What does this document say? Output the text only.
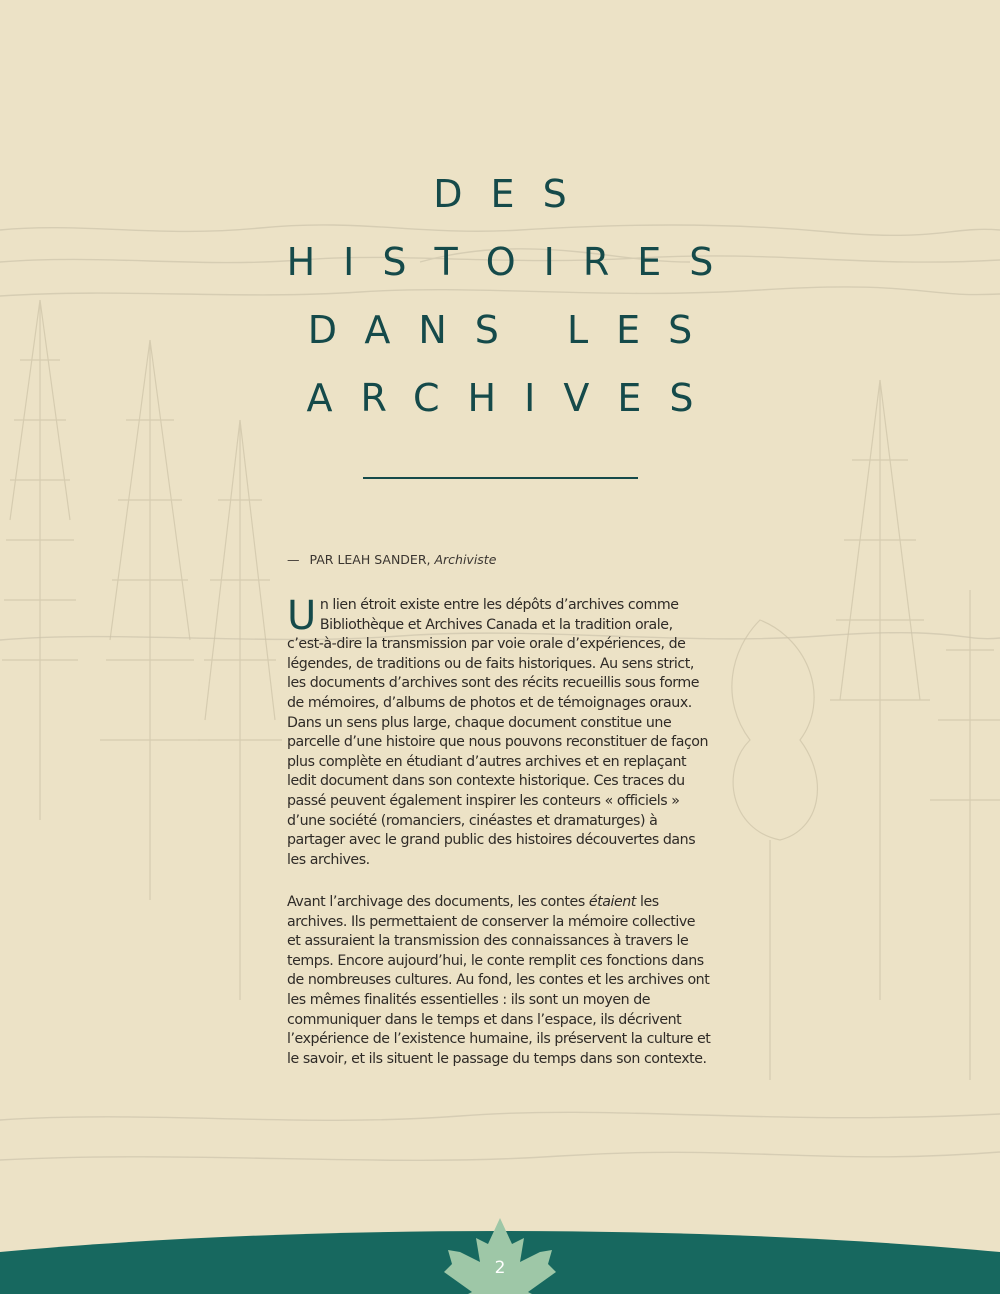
DES
HISTOIRES
DANS LES
ARCHIVES
— PAR LEAH SANDER, Archiviste
Un lien étroit existe entre les dépôts d’archives comme Bibliothèque et Archives Canada et la tradition orale, c’est-à-dire la transmission par voie orale d’expériences, de légendes, de traditions ou de faits historiques. Au sens strict, les documents d’archives sont des récits recueillis sous forme de mémoires, d’albums de photos et de témoignages oraux. Dans un sens plus large, chaque document constitue une parcelle d’une histoire que nous pouvons reconstituer de façon plus complète en étudiant d’autres archives et en replaçant ledit document dans son contexte historique. Ces traces du passé peuvent également inspirer les conteurs « officiels » d’une société (romanciers, cinéastes et dramaturges) à partager avec le grand public des histoires découvertes dans les archives.
Avant l’archivage des documents, les contes étaient les archives. Ils permettaient de conserver la mémoire collective et assuraient la transmission des connaissances à travers le temps. Encore aujourd’hui, le conte remplit ces fonctions dans de nombreuses cultures. Au fond, les contes et les archives ont les mêmes finalités essentielles : ils sont un moyen de communiquer dans le temps et dans l’espace, ils décrivent l’expérience de l’existence humaine, ils préservent la culture et le savoir, et ils situent le passage du temps dans son contexte.
2
